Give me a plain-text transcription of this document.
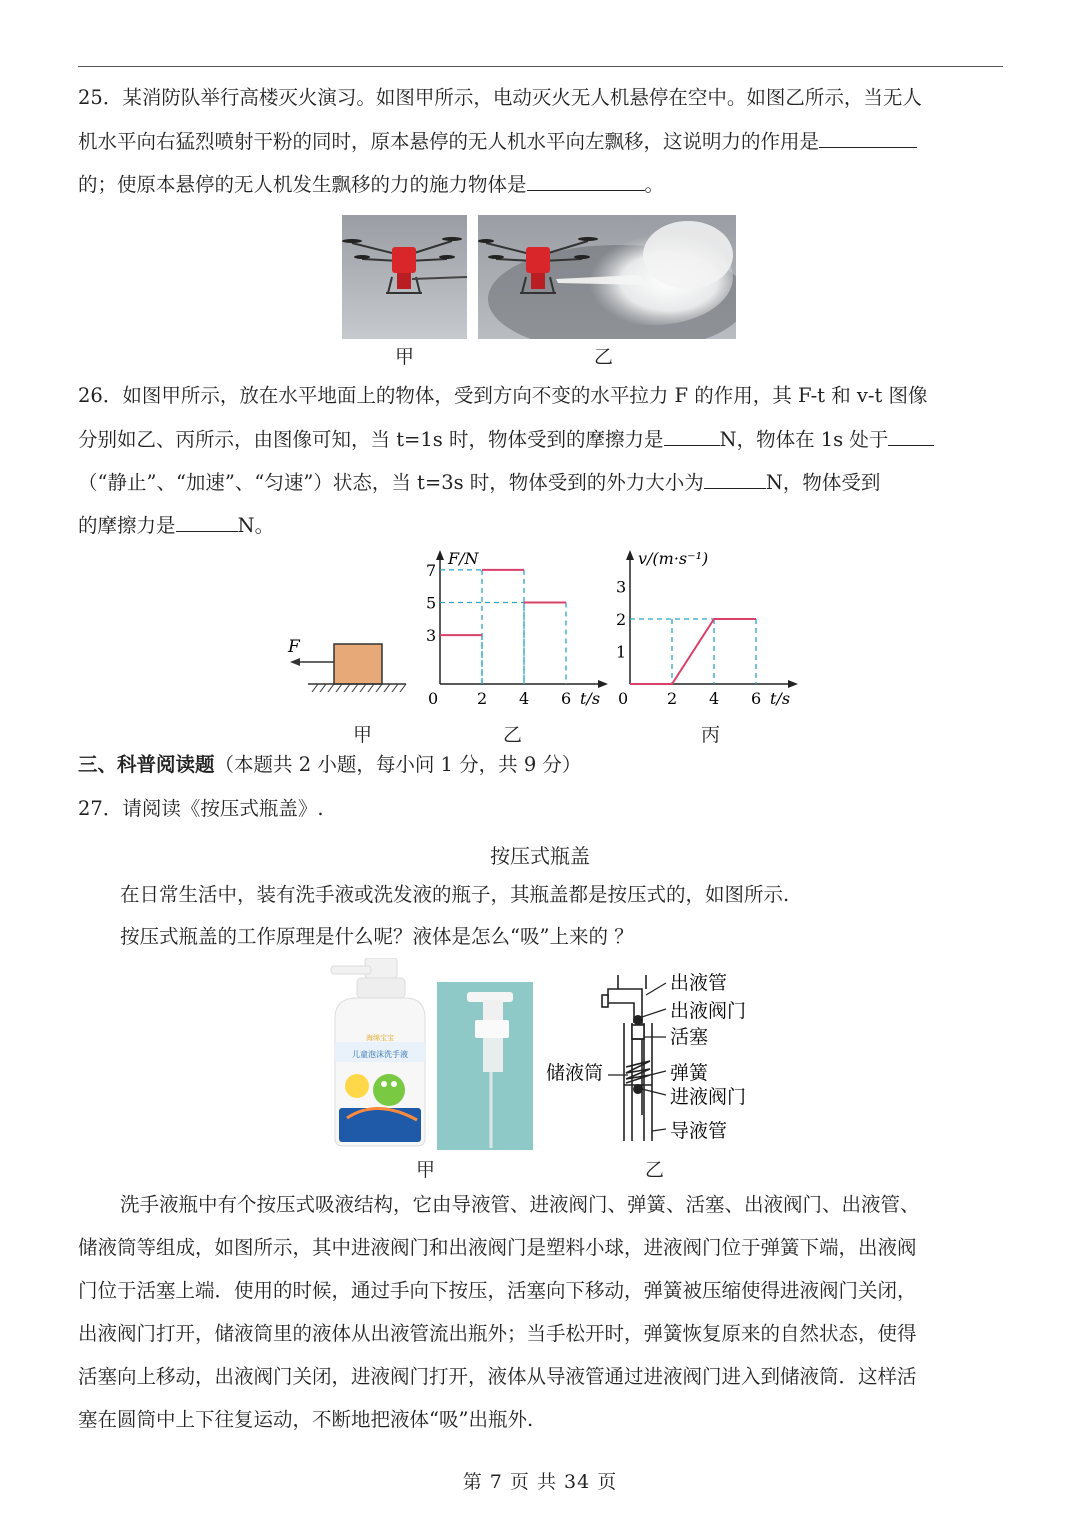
25．某消防队举行高楼灭火演习。如图甲所示，电动灭火无人机悬停在空中。如图乙所示，当无人
机水平向右猛烈喷射干粉的同时，原本悬停的无人机水平向左飘移，这说明力的作用是
的；使原本悬停的无人机发生飘移的力的施力物体是	。
甲	乙
26．如图甲所示，放在水平地面上的物体，受到方向不变的水平拉力 F 的作用，其 F-t 和 v-t 图像
分别如乙、丙所示，由图像可知，当 t=1s 时，物体受到的摩擦力是	N，物体在 1s 处于
（“静止”、“加速”、“匀速”）状态，当 t=3s 时，物体受到的外力大小为	N，物体受到
的摩擦力是	N。
F
甲	乙	丙
F/N
t/s
0 2 4 6
3
5
7
v/(m·s⁻¹)
t/s
0 2 4 6
1
2
3
三、科普阅读题（本题共 2 小题，每小问 1 分，共 9 分）
27．请阅读《按压式瓶盖》.
按压式瓶盖
在日常生活中，装有洗手液或洗发液的瓶子，其瓶盖都是按压式的，如图所示.
按压式瓶盖的工作原理是什么呢？液体是怎么“吸”上来的 ？
海绵宝宝
儿童泡沫洗手液
甲
出液管
出液阀门
活塞
储液筒	弹簧
进液阀门
导液管
乙
洗手液瓶中有个按压式吸液结构，它由导液管、进液阀门、弹簧、活塞、出液阀门、出液管、
储液筒等组成，如图所示，其中进液阀门和出液阀门是塑料小球，进液阀门位于弹簧下端，出液阀
门位于活塞上端．使用的时候，通过手向下按压，活塞向下移动，弹簧被压缩使得进液阀门关闭，
出液阀门打开，储液筒里的液体从出液管流出瓶外；当手松开时，弹簧恢复原来的自然状态，使得
活塞向上移动，出液阀门关闭，进液阀门打开，液体从导液管通过进液阀门进入到储液筒．这样活
塞在圆筒中上下往复运动，不断地把液体“吸”出瓶外.
第 7 页 共 34 页
